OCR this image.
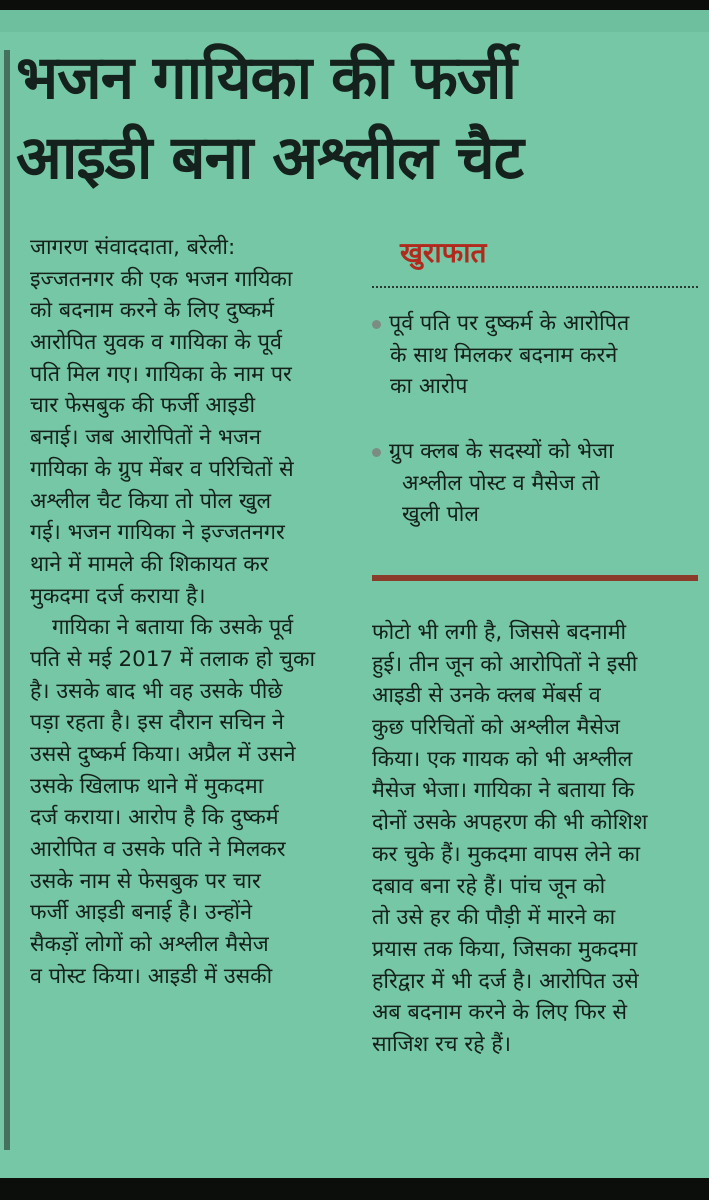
भजन गायिका की फर्जी
आइडी बना अश्लील चैट
जागरण संवाददाता, बरेली:
इज्जतनगर की एक भजन गायिका
को बदनाम करने के लिए दुष्कर्म
आरोपित युवक व गायिका के पूर्व
पति मिल गए। गायिका के नाम पर
चार फेसबुक की फर्जी आइडी
बनाई। जब आरोपितों ने भजन
गायिका के ग्रुप मेंबर व परिचितों से
अश्लील चैट किया तो पोल खुल
गई। भजन गायिका ने इज्जतनगर
थाने में मामले की शिकायत कर
मुकदमा दर्ज कराया है।
गायिका ने बताया कि उसके पूर्व
पति से मई 2017 में तलाक हो चुका
है। उसके बाद भी वह उसके पीछे
पड़ा रहता है। इस दौरान सचिन ने
उससे दुष्कर्म किया। अप्रैल में उसने
उसके खिलाफ थाने में मुकदमा
दर्ज कराया। आरोप है कि दुष्कर्म
आरोपित व उसके पति ने मिलकर
उसके नाम से फेसबुक पर चार
फर्जी आइडी बनाई है। उन्होंने
सैकड़ों लोगों को अश्लील मैसेज
व पोस्ट किया। आइडी में उसकी
खुराफात
पूर्व पति पर दुष्कर्म के आरोपित
के साथ मिलकर बदनाम करने
का आरोप
ग्रुप क्लब के सदस्यों को भेजा
अश्लील पोस्ट व मैसेज तो
खुली पोल
फोटो भी लगी है, जिससे बदनामी
हुई। तीन जून को आरोपितों ने इसी
आइडी से उनके क्लब मेंबर्स व
कुछ परिचितों को अश्लील मैसेज
किया। एक गायक को भी अश्लील
मैसेज भेजा। गायिका ने बताया कि
दोनों उसके अपहरण की भी कोशिश
कर चुके हैं। मुकदमा वापस लेने का
दबाव बना रहे हैं। पांच जून को
तो उसे हर की पौड़ी में मारने का
प्रयास तक किया, जिसका मुकदमा
हरिद्वार में भी दर्ज है। आरोपित उसे
अब बदनाम करने के लिए फिर से
साजिश रच रहे हैं।
